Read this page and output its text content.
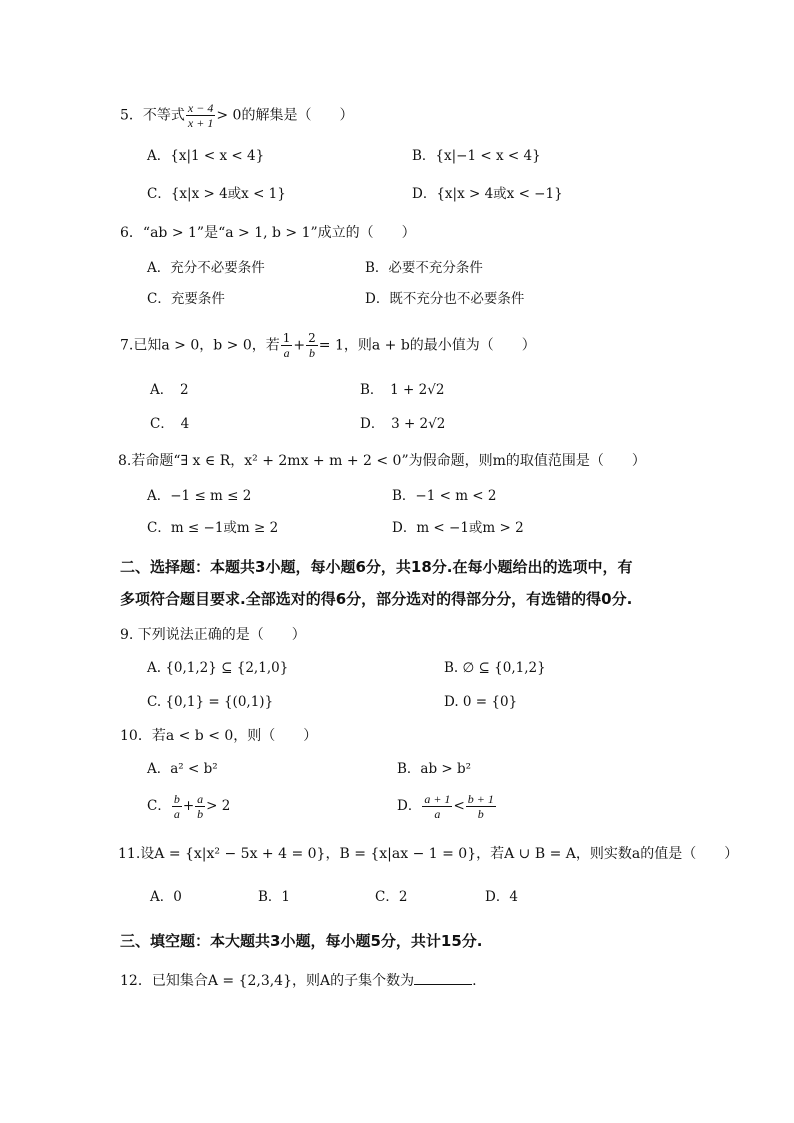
5．不等式 $\frac{x - 4}{x + 1} > 0$的解集是（　　）
A．{x|1 < x < 4}	B．{x|−1 < x < 4}
C．{x|x > 4或x < 1}	D．{x|x > 4或x < −1}
6．“ab > 1”是“a > 1, b > 1”成立的（　　）
A．充分不必要条件	B．必要不充分条件
C．充要条件	D．既不充分也不必要条件
7.已知a > 0，b > 0，若 $\frac{1}{a} + \frac{2}{b} = 1$，则a + b的最小值为（　　）
A．　2	B．　1 + 2√2
C．　4	D．　3 + 2√2
8.若命题“∃ x ∈ R，x² + 2mx + m + 2 < 0”为假命题，则m的取值范围是（　　）
A．−1 ≤ m ≤ 2	B．−1 < m < 2
C．m ≤ −1或m ≥ 2	D．m < −1或m > 2
二、选择题：本题共3小题，每小题6分，共18分.在每小题给出的选项中，有
多项符合题目要求.全部选对的得6分，部分选对的得部分分，有选错的得0分.
9. 下列说法正确的是（　　）
A. {0,1,2} ⊆ {2,1,0}	B. ∅ ⊆ {0,1,2}
C. {0,1} = {(0,1)}	D. 0 = {0}
10．若a < b < 0，则（　　）
A．a² < b²	B．ab > b²
C． $\frac{b}{a} + \frac{a}{b} > 2$	D． $\frac{a + 1}{a} < \frac{b + 1}{b}$
11.设A = {x|x² − 5x + 4 = 0}，B = {x|ax − 1 = 0}，若A ∪ B = A，则实数a的值是（　　）
A．0	B．1	C．2	D．4
三、填空题：本大题共3小题，每小题5分，共计15分.
12．已知集合A = {2,3,4}，则A的子集个数为	.
